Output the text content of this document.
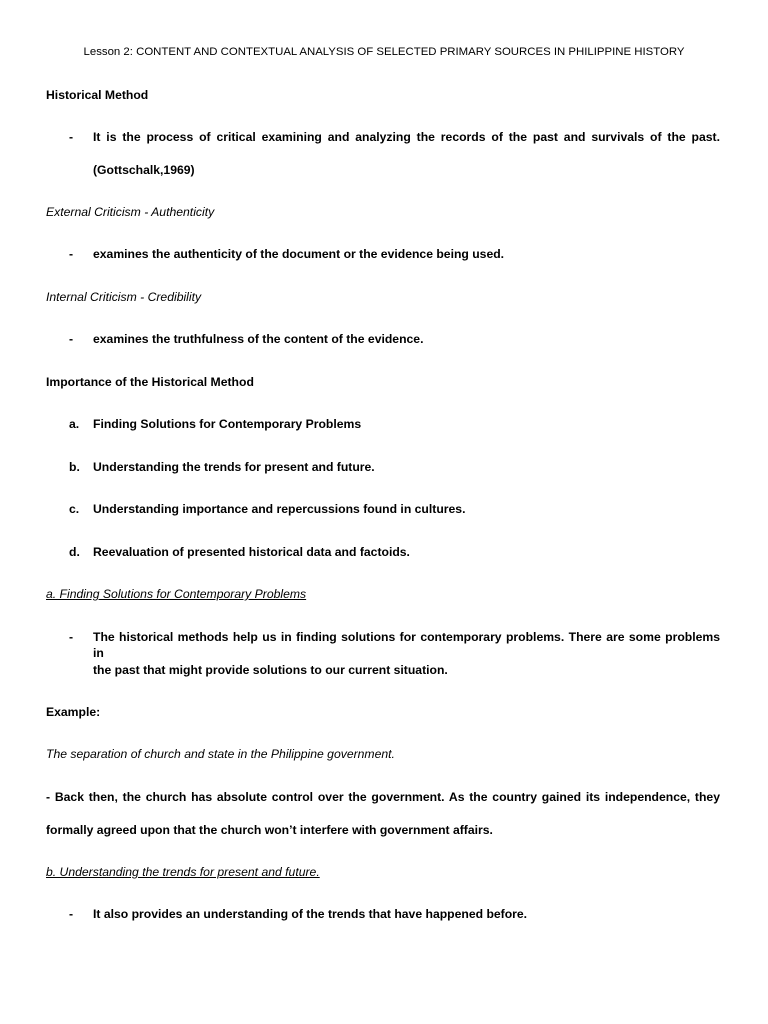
Lesson 2: CONTENT AND CONTEXTUAL ANALYSIS OF SELECTED PRIMARY SOURCES IN PHILIPPINE HISTORY
Historical Method
- It is the process of critical examining and analyzing the records of the past and survivals of the past.
(Gottschalk,1969)
External Criticism - Authenticity
- examines the authenticity of the document or the evidence being used.
Internal Criticism - Credibility
- examines the truthfulness of the content of the evidence.
Importance of the Historical Method
a. Finding Solutions for Contemporary Problems
b. Understanding the trends for present and future.
c. Understanding importance and repercussions found in cultures.
d. Reevaluation of presented historical data and factoids.
a. Finding Solutions for Contemporary Problems
- The historical methods help us in finding solutions for contemporary problems. There are some problems in
the past that might provide solutions to our current situation.
Example:
The separation of church and state in the Philippine government.
- Back then, the church has absolute control over the government. As the country gained its independence, they
formally agreed upon that the church won’t interfere with government affairs.
b. Understanding the trends for present and future.
- It also provides an understanding of the trends that have happened before.
